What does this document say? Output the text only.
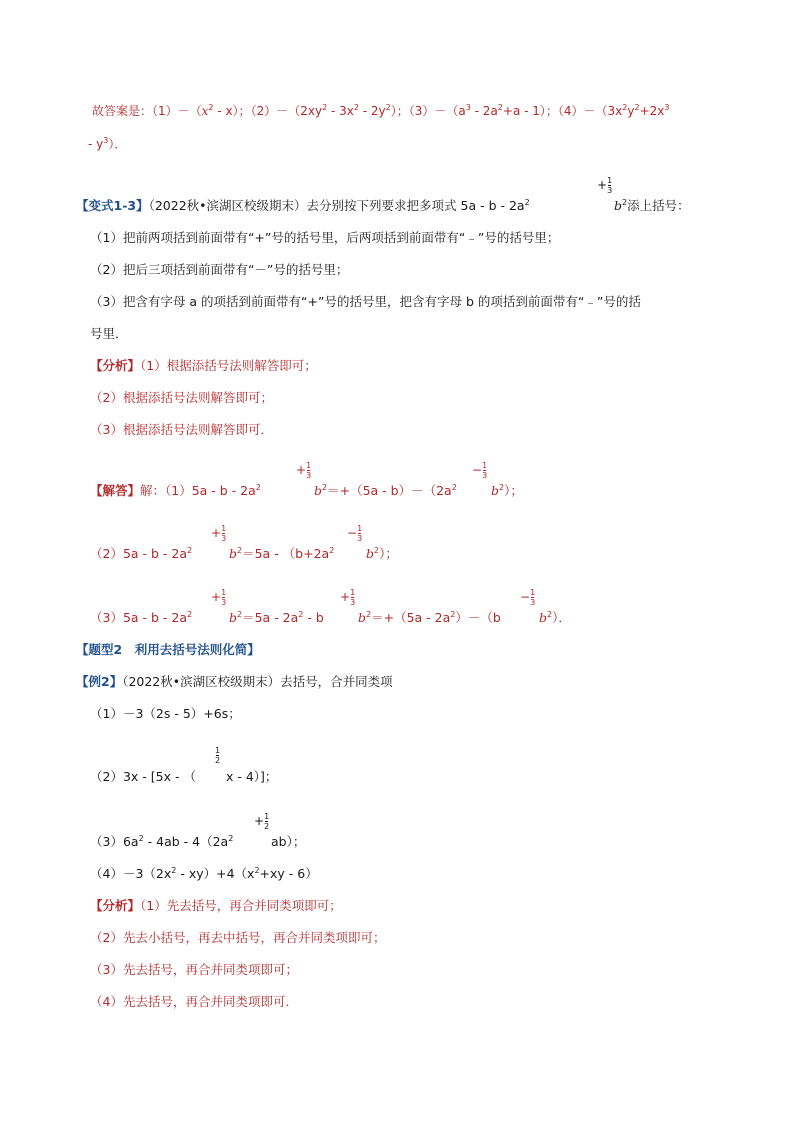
故答案是：$(1)-(x^2 - x)$；$(2)-(2xy^2 - 3x^2 - 2y^2)$；$(3)-(a^3 - 2a^2+a - 1)$；$(4)-(3x^2y^2+2x^3$
- $y^3$）．
【变式1-3】（2022秋•滨湖区校级期末）去分别按下列要求把多项式 5a - b - $2a^2$
+ $\frac{1}{3}$
$b^2$添上括号：
（1）把前两项括到前面带有“+”号的括号里，后两项括到前面带有“﹣”号的括号里；
（2）把后三项括到前面带有“－”号的括号里；
（3）把含有字母 a 的项括到前面带有“+”号的括号里，把含有字母 b 的项括到前面带有“﹣”号的括
号里．
【分析】（1）根据添括号法则解答即可；
（2）根据添括号法则解答即可；
（3）根据添括号法则解答即可．
【解答】解：（1）5a - b - $2a^2$
+ $\frac{1}{3}$
$b^2=+(5a - b)-(2a^2$
− $\frac{1}{3}$
$b^2$）；
（2）5a - b - $2a^2$
+ $\frac{1}{3}$
$b^2=5a - (b+2a^2$
− $\frac{1}{3}$
$b^2$）；
（3）5a - b - $2a^2$
+ $\frac{1}{3}$
$b^2=5a - 2a^2 - b$
+ $\frac{1}{3}$
$b^2=+(5a - 2a^2)-(b$
− $\frac{1}{3}$
$b^2$）．
【题型2　利用去括号法则化简】
【例2】（2022秋•滨湖区校级期末）去括号，合并同类项
（1）－3（2s - 5）+6s；
（2）3x - [5x - （
$\frac{1}{2}$
x - 4）]；
$(3)6a^2 - 4ab - 4(2a^2$
+ $\frac{1}{2}$
ab）；
$(4)-3(2x^2 - xy)+4(x^2+xy - 6)$
【分析】（1）先去括号，再合并同类项即可；
（2）先去小括号，再去中括号，再合并同类项即可；
（3）先去括号，再合并同类项即可；
（4）先去括号，再合并同类项即可．
